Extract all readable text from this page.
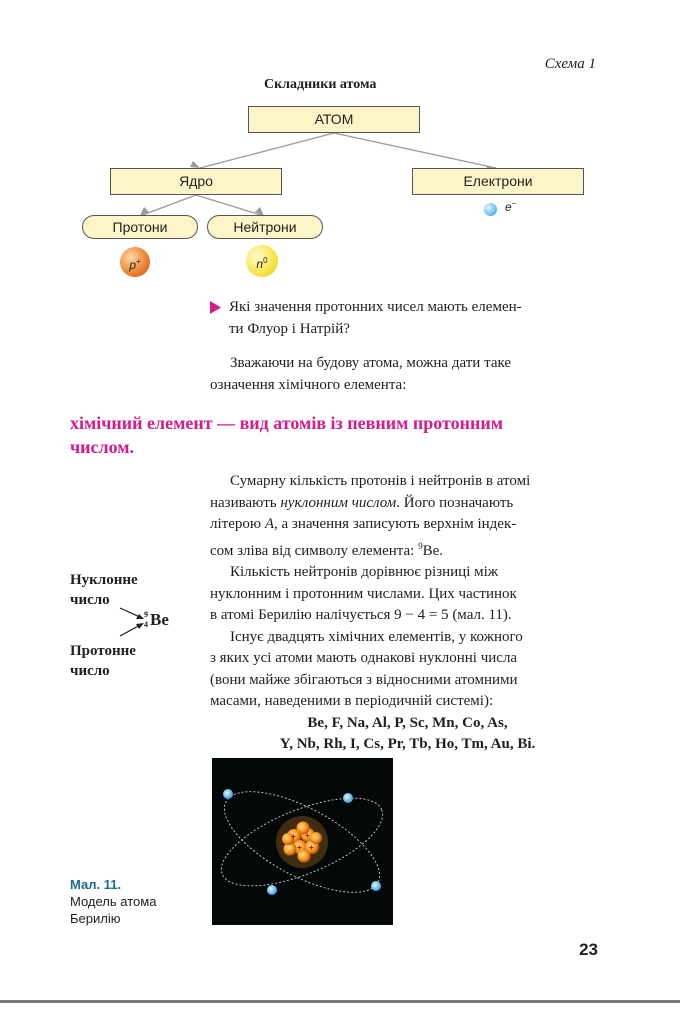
Схема 1
Складники атома
АТОМ
Ядро	Електрони
Протони	Нейтрони
p+	$n^0$
e−
Які значення протонних чисел мають елемен-
ти Флуор і Натрій?
Зважаючи на будову атома, можна дати таке
означення хімічного елемента:
хімічний елемент — вид атомів із певним протонним
числом.
Сумарну кількість протонів і нейтронів в атомі
називають нуклонним числом. Його позначають
літерою A, а значення записують верхнім індек-
сом зліва від символу елемента: $^9$Be.
Кількість нейтронів дорівнює різниці між
нуклонним і протонним числами. Цих частинок
в атомі Берилію налічується 9 − 4 = 5 (мал. 11).
Існує двадцять хімічних елементів, у кожного
з яких усі атоми мають однакові нуклонні числа
(вони майже збігаються з відносними атомними
масами, наведеними в періодичній системі):
Be, F, Na, Al, P, Sc, Mn, Co, As,
Y, Nb, Rh, I, Cs, Pr, Tb, Ho, Tm, Au, Bi.
Нуклонне
число
Протонне
число
9
4 Be
+ +
+ +
Мал. 11.
Модель атома
Берилію
23
